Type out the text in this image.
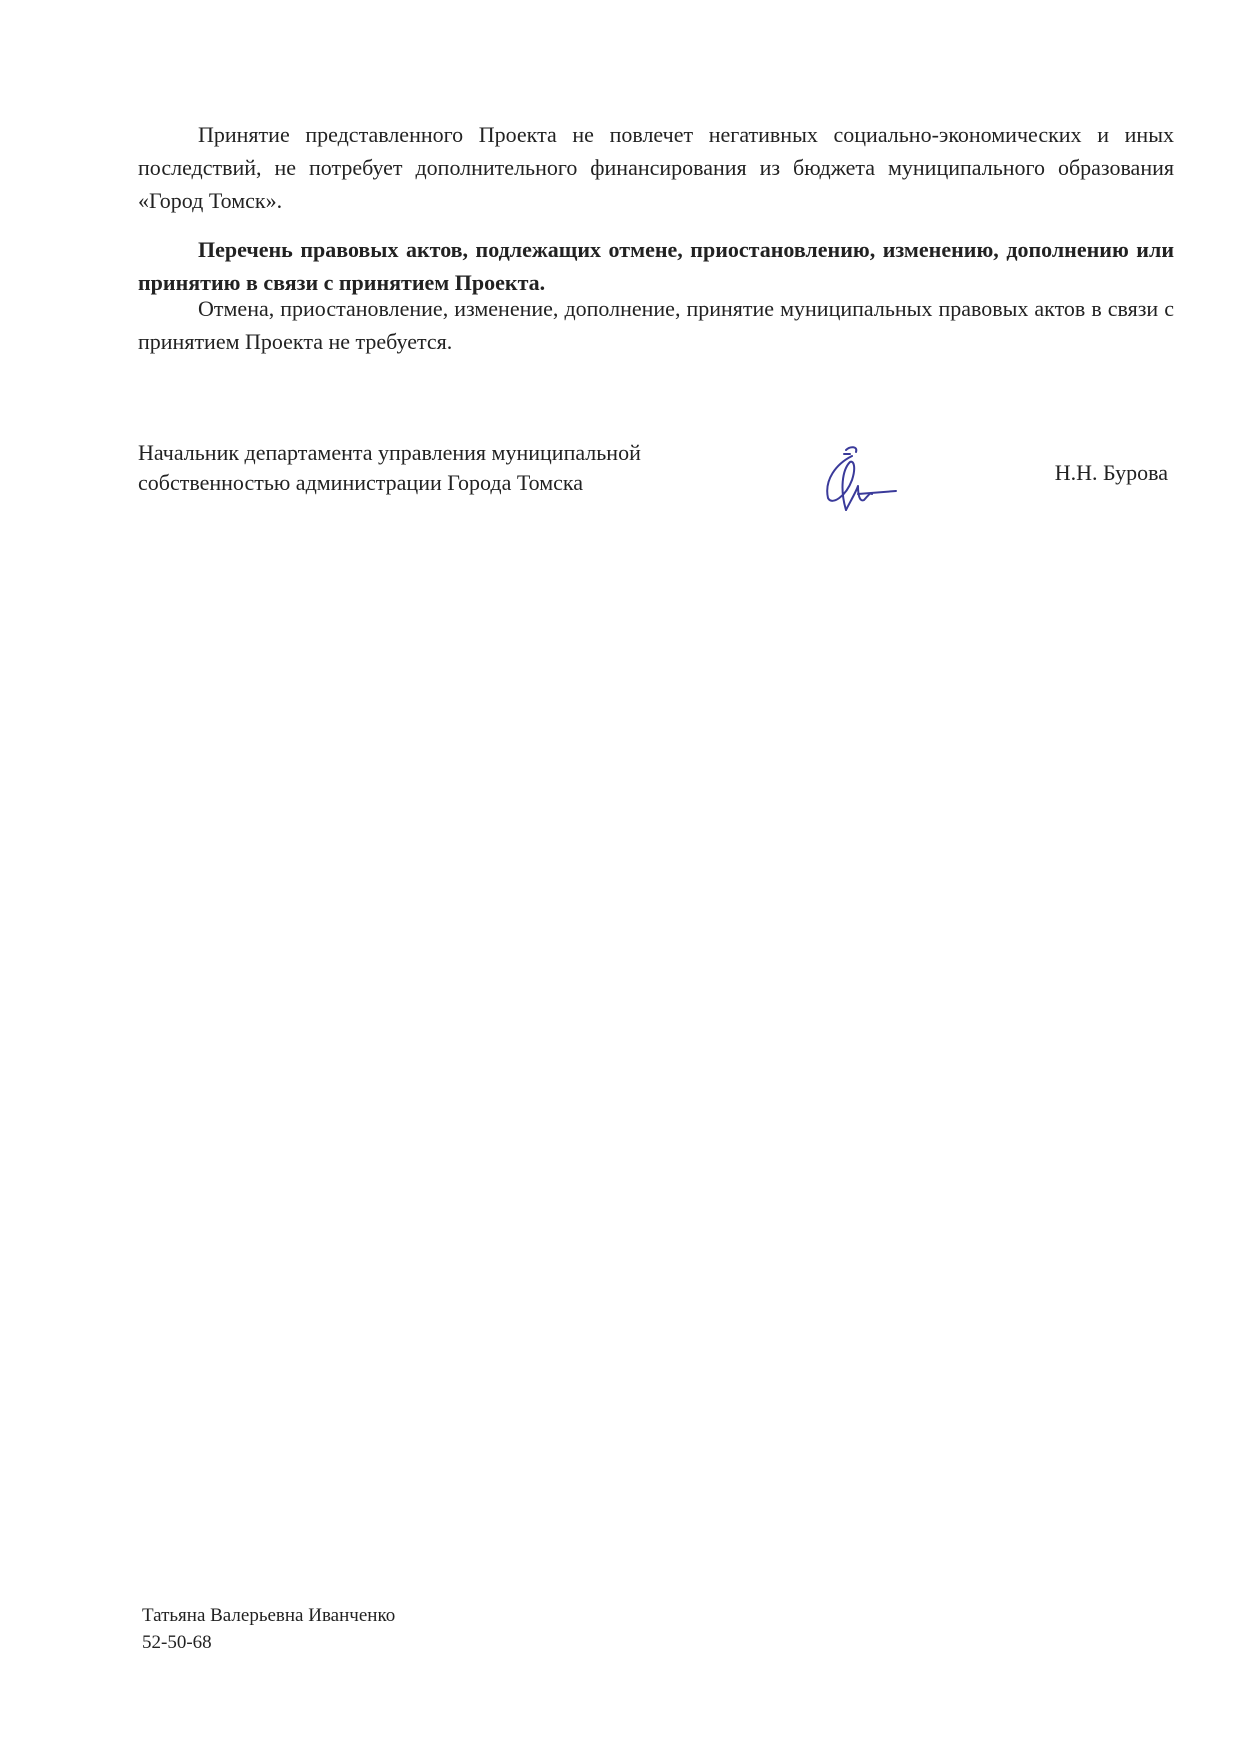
Принятие представленного Проекта не повлечет негативных социально-экономических и иных последствий, не потребует дополнительного финансирования из бюджета муниципального образования «Город Томск».

Перечень правовых актов, подлежащих отмене, приостановлению, изменению, дополнению или принятию в связи с принятием Проекта.

Отмена, приостановление, изменение, дополнение, принятие муниципальных правовых актов в связи с принятием Проекта не требуется.

Начальник департамента управления муниципальной
собственностью администрации Города Томска	Н.Н. Бурова
Татьяна Валерьевна Иванченко
52-50-68
